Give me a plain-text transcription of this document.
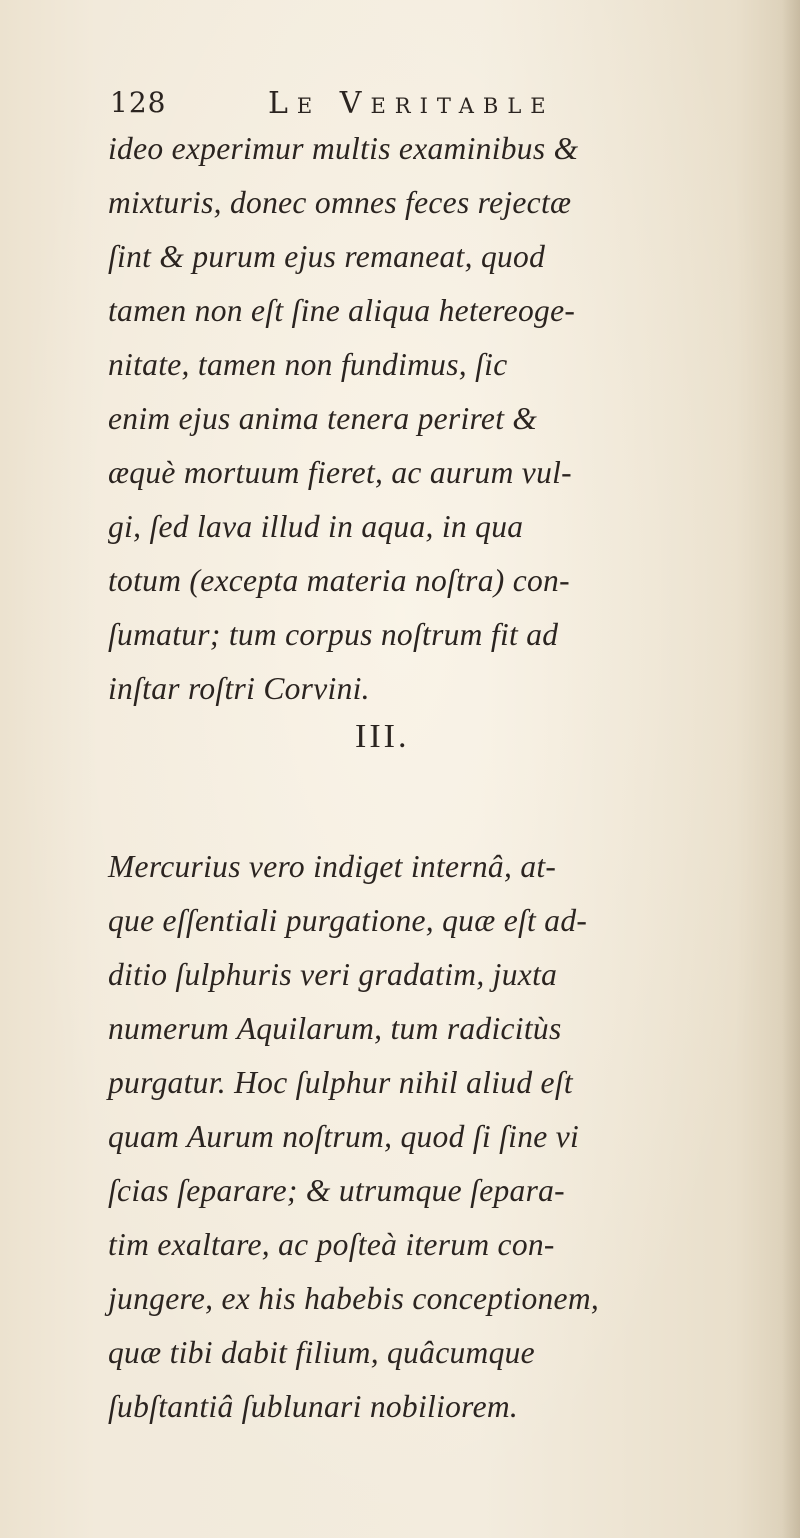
128	Le Veritable
ideo experimur multis examinibus &
mixturis, donec omnes feces rejectæ
ſint & purum ejus remaneat, quod
tamen non eſt ſine aliqua hetereoge-
nitate, tamen non fundimus, ſic
enim ejus anima tenera periret &
æquè mortuum fieret, ac aurum vul-
gi, ſed lava illud in aqua, in qua
totum (excepta materia noſtra) con-
ſumatur; tum corpus noſtrum fit ad
inſtar roſtri Corvini.
III.
Mercurius vero indiget internâ, at-
que eſſentiali purgatione, quæ eſt ad-
ditio ſulphuris veri gradatim, juxta
numerum Aquilarum, tum radicitùs
purgatur. Hoc ſulphur nihil aliud eſt
quam Aurum noſtrum, quod ſi ſine vi
ſcias ſeparare; & utrumque ſepara-
tim exaltare, ac poſteà iterum con-
jungere, ex his habebis conceptionem,
quæ tibi dabit filium, quâcumque
ſubſtantiâ ſublunari nobiliorem.
